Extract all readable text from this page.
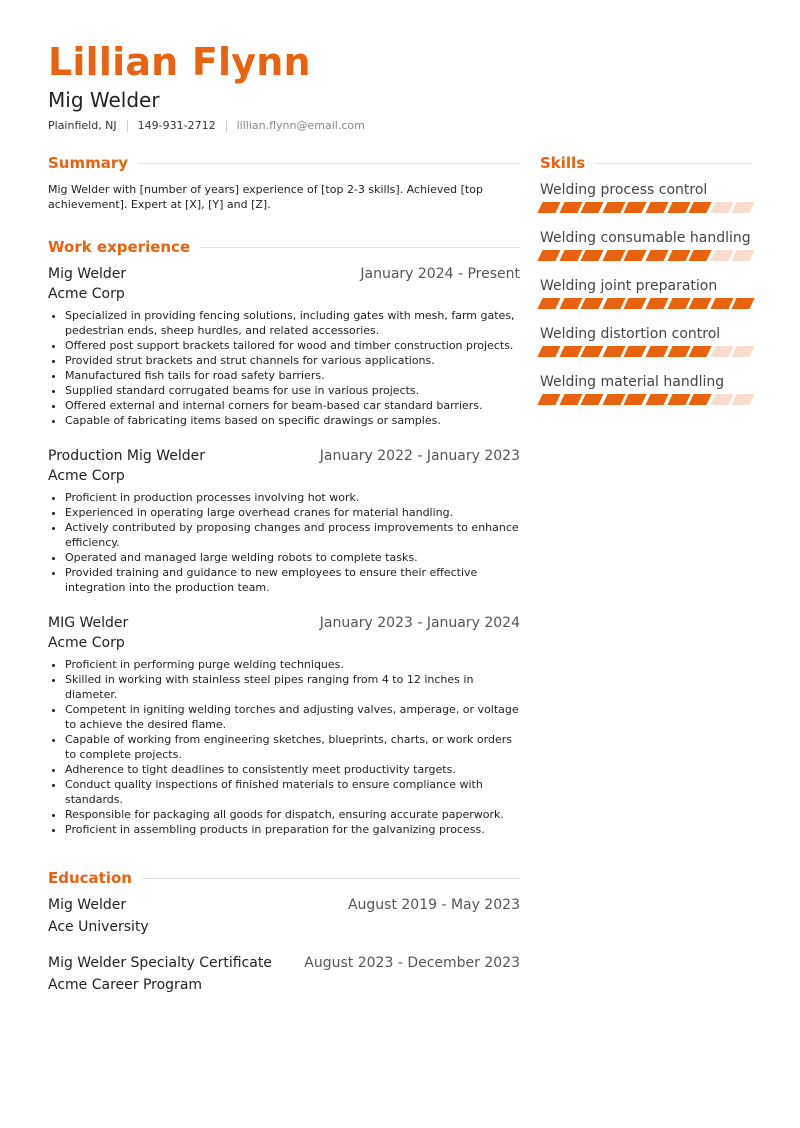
Lillian Flynn
Mig Welder
Plainfield, NJ 149-931-2712 lillian.flynn@email.com
Summary

Mig Welder with [number of years] experience of [top 2-3 skills]. Achieved [top achievement]. Expert at [X], [Y] and [Z].

Work experience
Mig Welder	January 2024 - Present
Acme Corp
• Specialized in providing fencing solutions, including gates with mesh, farm gates, pedestrian ends, sheep hurdles, and related accessories.
• Offered post support brackets tailored for wood and timber construction projects.
• Provided strut brackets and strut channels for various applications.
• Manufactured fish tails for road safety barriers.
• Supplied standard corrugated beams for use in various projects.
• Offered external and internal corners for beam-based car standard barriers.
• Capable of fabricating items based on specific drawings or samples.
Production Mig Welder	January 2022 - January 2023
Acme Corp
• Proficient in production processes involving hot work.
• Experienced in operating large overhead cranes for material handling.
• Actively contributed by proposing changes and process improvements to enhance efficiency.
• Operated and managed large welding robots to complete tasks.
• Provided training and guidance to new employees to ensure their effective integration into the production team.
MIG Welder	January 2023 - January 2024
Acme Corp
• Proficient in performing purge welding techniques.
• Skilled in working with stainless steel pipes ranging from 4 to 12 inches in diameter.
• Competent in igniting welding torches and adjusting valves, amperage, or voltage to achieve the desired flame.
• Capable of working from engineering sketches, blueprints, charts, or work orders to complete projects.
• Adherence to tight deadlines to consistently meet productivity targets.
• Conduct quality inspections of finished materials to ensure compliance with standards.
• Responsible for packaging all goods for dispatch, ensuring accurate paperwork.
• Proficient in assembling products in preparation for the galvanizing process.
Education
Mig Welder	August 2019 - May 2023
Ace University
Mig Welder Specialty Certificate August 2023 - December 2023
Acme Career Program
Skills
Welding process control
Welding consumable handling
Welding joint preparation
Welding distortion control
Welding material handling
